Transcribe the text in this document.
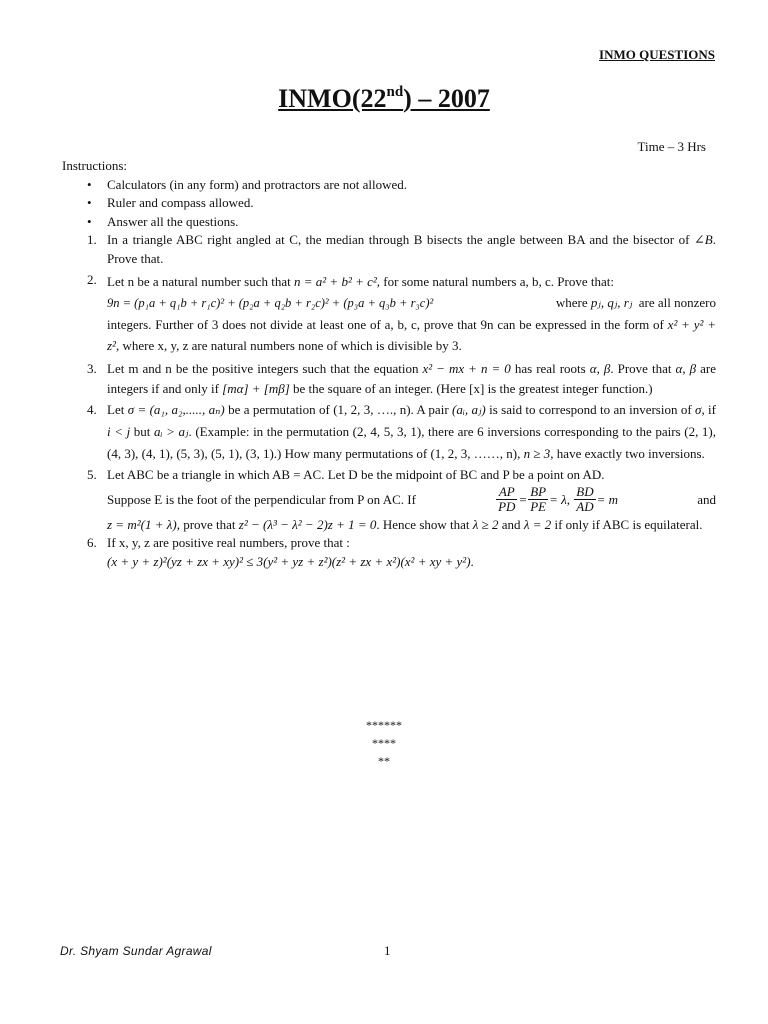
INMO QUESTIONS
INMO(22nd) – 2007
Time – 3 Hrs

Instructions:

• Calculators (in any form) and protractors are not allowed.
• Ruler and compass allowed.
• Answer all the questions.
1. In a triangle ABC right angled at C, the median through B bisects the angle between BA and the bisector of ∠B. Prove that.
2. Let n be a natural number such that n = a² + b² + c², for some natural numbers a, b, c. Prove that:
9n = (p₁a + q₁b + r₁c)² + (p₂a + q₂b + r₂c)² + (p₃a + q₃b + r₃c)²	where pⱼ, qⱼ, rⱼ  are all nonzero
integers. Further of 3 does not divide at least one of a, b, c, prove that 9n can be expressed in the form of x² + y² + z², where x, y, z are natural numbers none of which is divisible by 3.
3. Let m and n be the positive integers such that the equation x² − mx + n = 0 has real roots α, β. Prove that α, β are integers if and only if [mα] + [mβ] be the square of an integer. (Here [x] is the greatest integer function.)
4. Let σ = (a₁, a₂,....., aₙ) be a permutation of (1, 2, 3, …., n). A pair (aᵢ, aⱼ) is said to correspond to an inversion of σ, if i < j but aᵢ > aⱼ. (Example: in the permutation (2, 4, 5, 3, 1), there are 6 inversions corresponding to the pairs (2, 1), (4, 3), (4, 1), (5, 3), (5, 1), (3, 1).) How many permutations of (1, 2, 3, ……, n), n ≥ 3, have exactly two inversions.
5. Let ABC be a triangle in which AB = AC. Let D be the midpoint of BC and P be a point on AD.
Suppose E is the foot of the perpendicular from P on AC. If	$\frac{AP}{PD} = \frac{BP}{PE} = \lambda$,
$\frac{BD}{AD} = m$	and
z = m²(1 + λ), prove that z² − (λ³ − λ² − 2)z + 1 = 0. Hence show that λ ≥ 2 and λ = 2 if only if ABC is equilateral.
6. If x, y, z are positive real numbers, prove that :
(x + y + z)²(yz + zx + xy)² ≤ 3(y² + yz + z²)(z² + zx + x²)(x² + xy + y²).
******
****
**
Dr. Shyam Sundar Agrawal	1
